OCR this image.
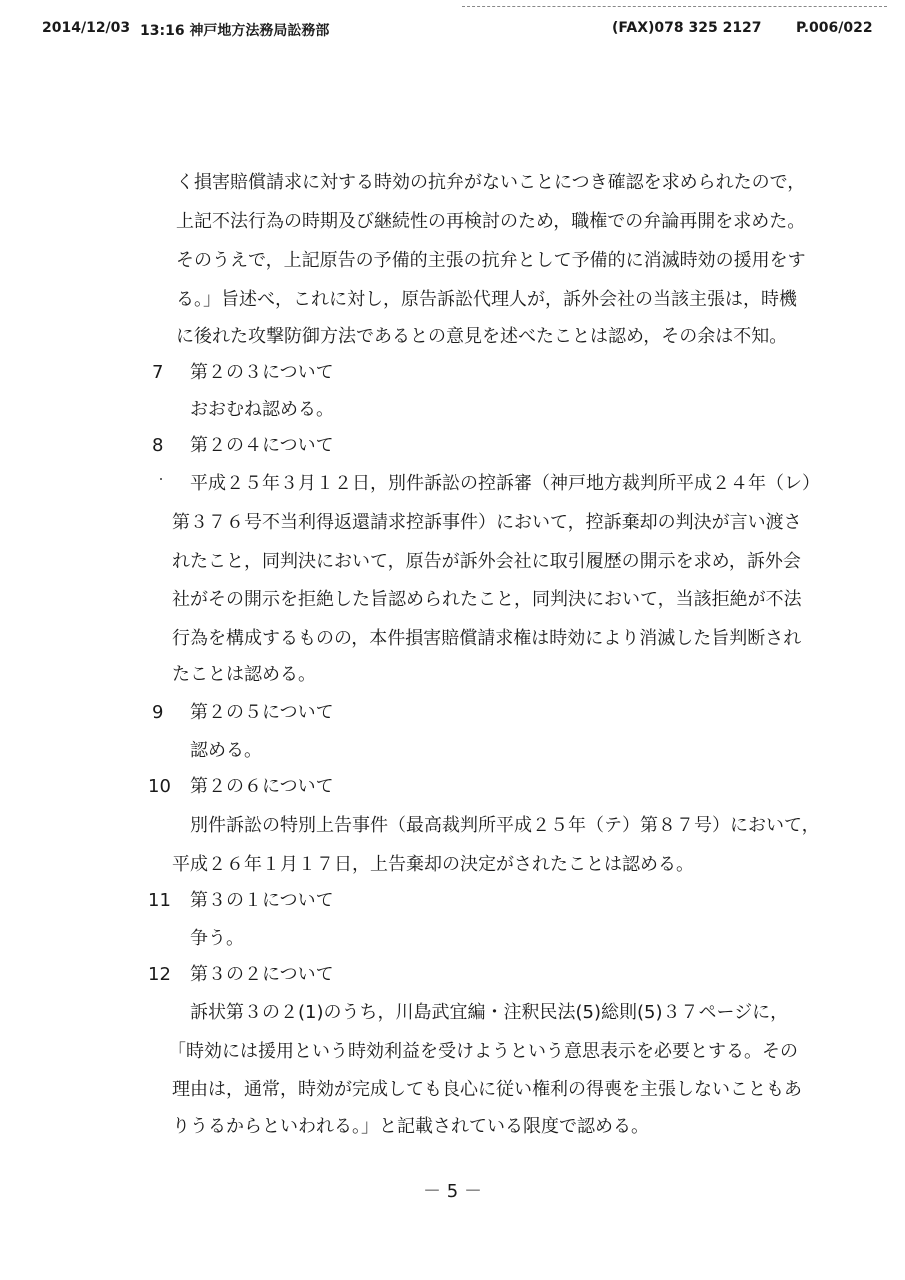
2014/12/03 13:16 神戸地方法務局訟務部	(FAX)078 325 2127 P.006/022
く損害賠償請求に対する時効の抗弁がないことにつき確認を求められたので，
上記不法行為の時期及び継続性の再検討のため，職権での弁論再開を求めた。
そのうえで，上記原告の予備的主張の抗弁として予備的に消滅時効の援用をす
る。」旨述べ，これに対し，原告訴訟代理人が，訴外会社の当該主張は，時機
に後れた攻撃防御方法であるとの意見を述べたことは認め，その余は不知。
7 第２の３について
おおむね認める。
8 第２の４について
平成２５年３月１２日，別件訴訟の控訴審（神戸地方裁判所平成２４年（レ）
第３７６号不当利得返還請求控訴事件）において，控訴棄却の判決が言い渡さ
れたこと，同判決において，原告が訴外会社に取引履歴の開示を求め，訴外会
社がその開示を拒絶した旨認められたこと，同判決において，当該拒絶が不法
行為を構成するものの，本件損害賠償請求権は時効により消滅した旨判断され
たことは認める。
9 第２の５について
認める。
10 第２の６について
別件訴訟の特別上告事件（最高裁判所平成２５年（テ）第８７号）において，
平成２６年１月１７日，上告棄却の決定がされたことは認める。
11 第３の１について
争う。
12 第３の２について
訴状第３の２(1)のうち，川島武宜編・注釈民法(5)総則(5)３７ページに，
「時効には援用という時効利益を受けようという意思表示を必要とする。その
理由は，通常，時効が完成しても良心に従い権利の得喪を主張しないこともあ
りうるからといわれる。」と記載されている限度で認める。
－ 5 －
